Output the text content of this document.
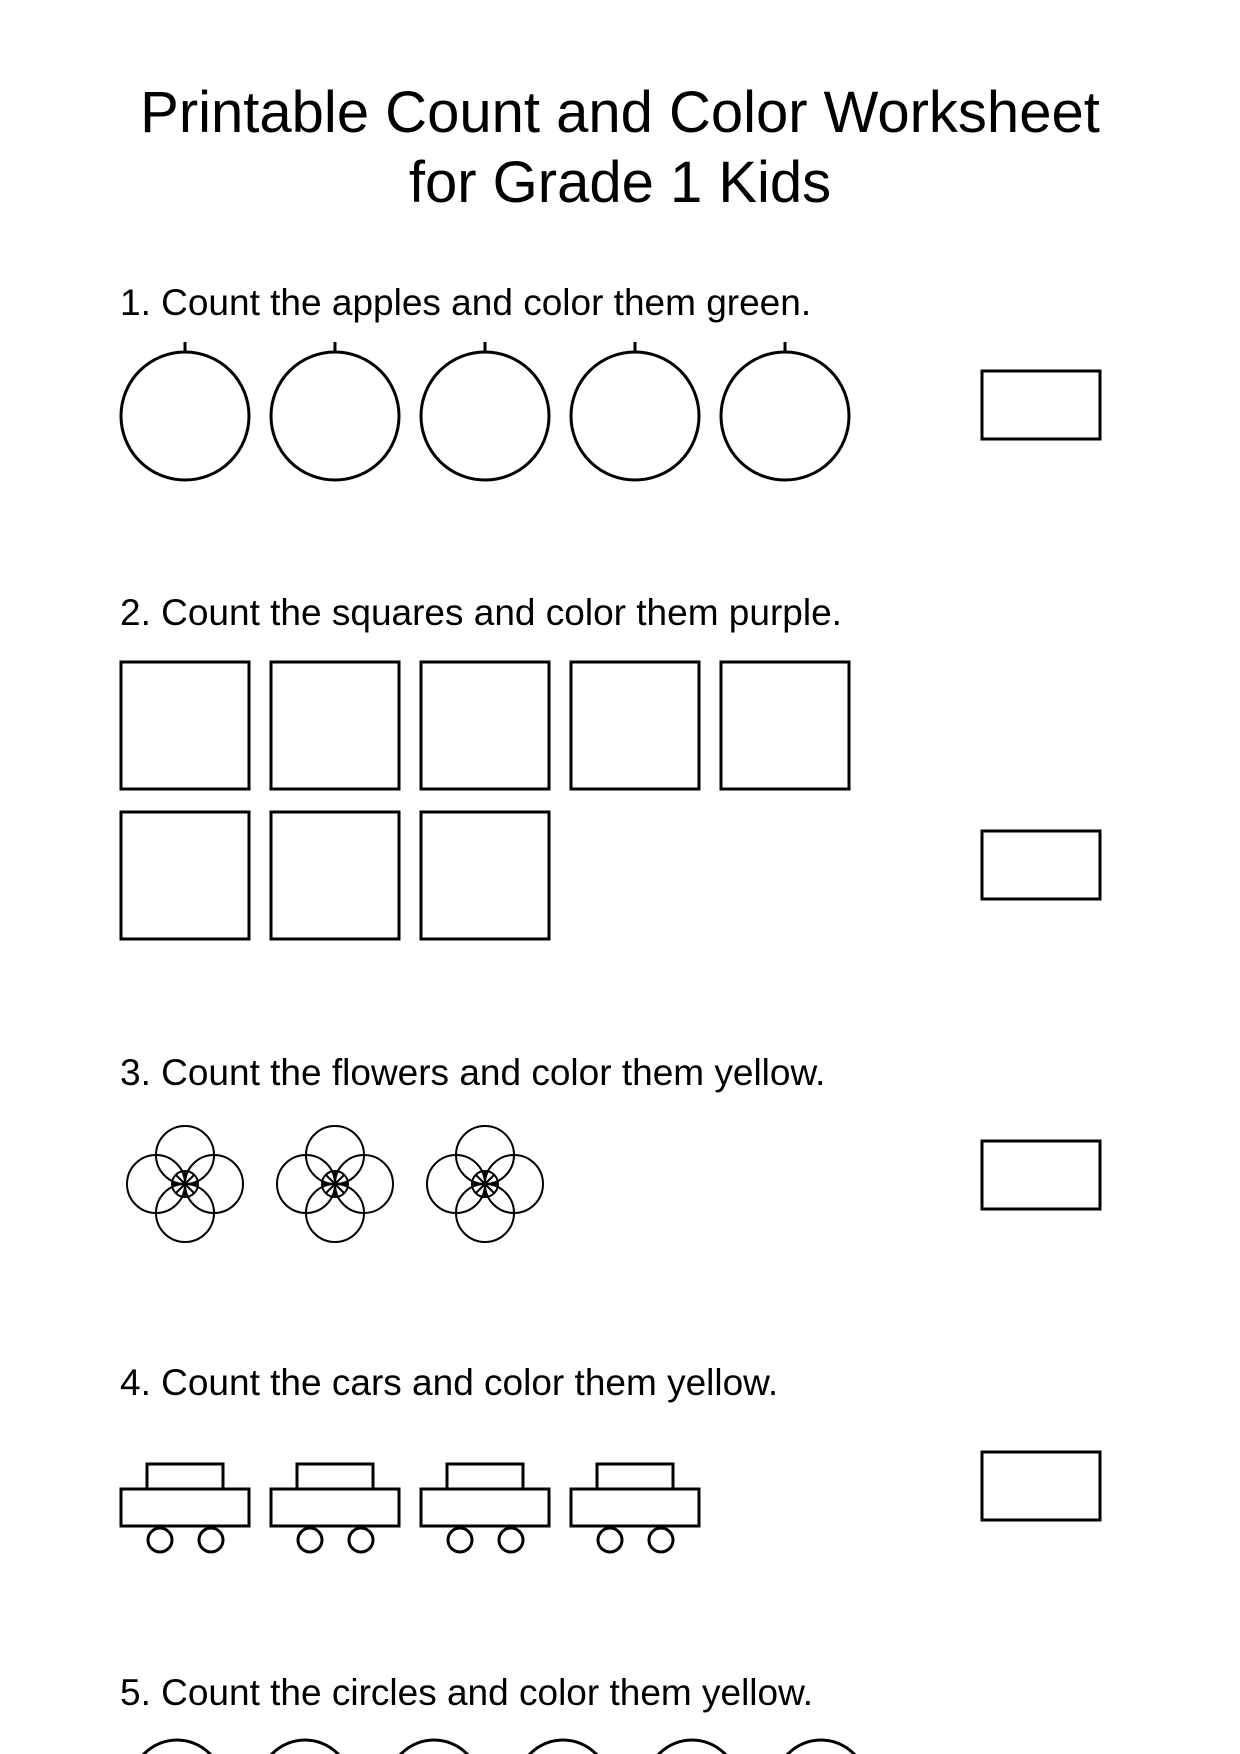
Printable Count and Color Worksheet
for Grade 1 Kids

1. Count the apples and color them green.

2. Count the squares and color them purple.

3. Count the flowers and color them yellow.

4. Count the cars and color them yellow.

5. Count the circles and color them yellow.
